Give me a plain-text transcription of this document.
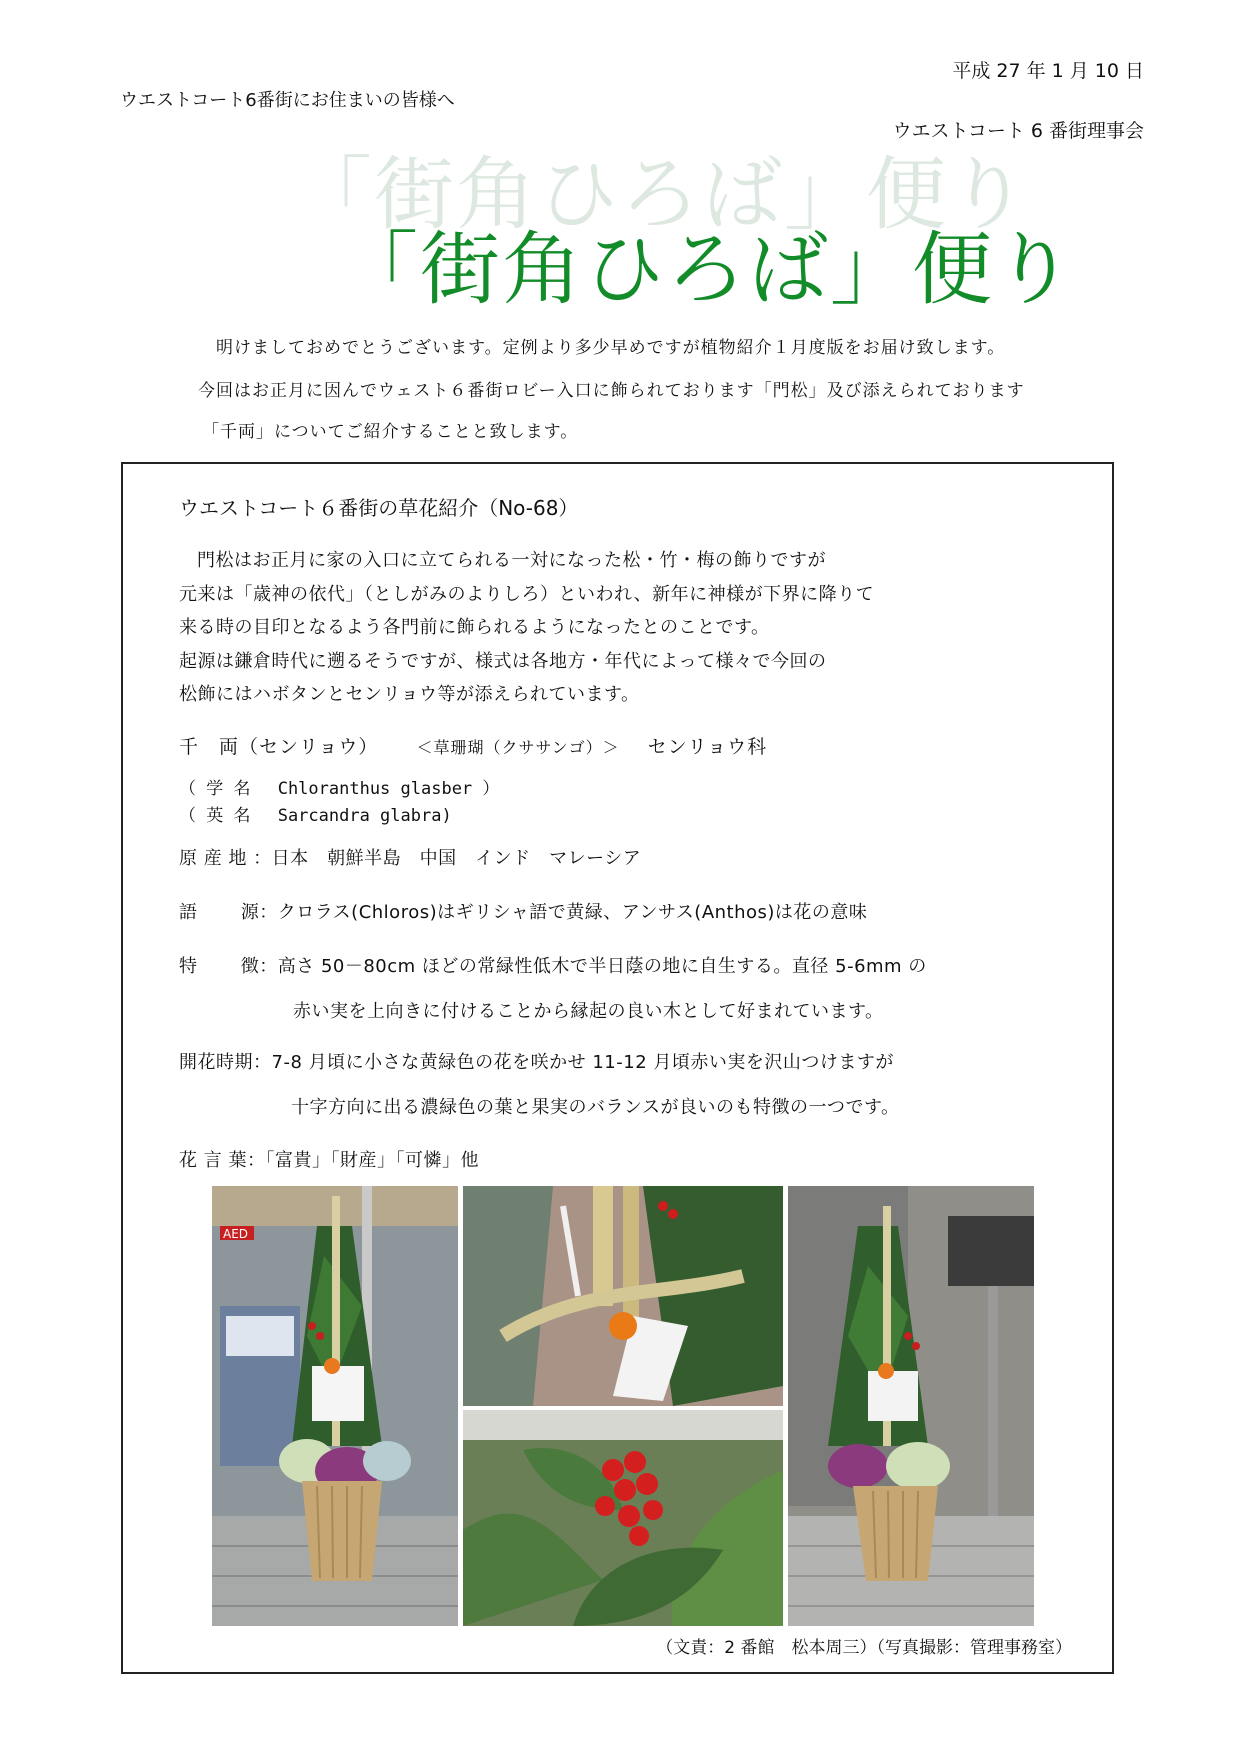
平成 27 年 1 月 10 日
ウエストコート6番街にお住まいの皆様へ
ウエストコート 6 番街理事会
「街角ひろば」便り
「街角ひろば」便り
明けましておめでとうございます。定例より多少早めですが植物紹介１月度版をお届け致します。
今回はお正月に因んでウェスト６番街ロビー入口に飾られております「門松」及び添えられております
「千両」についてご紹介することと致します。
ウエストコート６番街の草花紹介（No-68）
門松はお正月に家の入口に立てられる一対になった松・竹・梅の飾りですが
元来は「歳神の依代」（としがみのよりしろ）といわれ、新年に神様が下界に降りて
来る時の目印となるよう各門前に飾られるようになったとのことです。
起源は鎌倉時代に遡るそうですが、様式は各地方・年代によって様々で今回の
松飾にはハボタンとセンリョウ等が添えられています。
千　両（センリョウ） ＜草珊瑚（クササンゴ）＞ センリョウ科
（ 学 名　 Chloranthus glasber ）
（ 英 名　 Sarcandra glabra)
原 産 地 ：日本　朝鮮半島　中国　インド　マレーシア
語　　 源：クロラス(Chloros)はギリシャ語で黄緑、アンサス(Anthos)は花の意味
特　　 徴：高さ 50－80cm ほどの常緑性低木で半日蔭の地に自生する。直径 5-6mm の
赤い実を上向きに付けることから縁起の良い木として好まれています。
開花時期：7-8 月頃に小さな黄緑色の花を咲かせ 11-12 月頃赤い実を沢山つけますが
十字方向に出る濃緑色の葉と果実のバランスが良いのも特徴の一つです。
花 言 葉：「富貴」「財産」「可憐」他
AED
（文責：2 番館　松本周三）（写真撮影：管理事務室）
